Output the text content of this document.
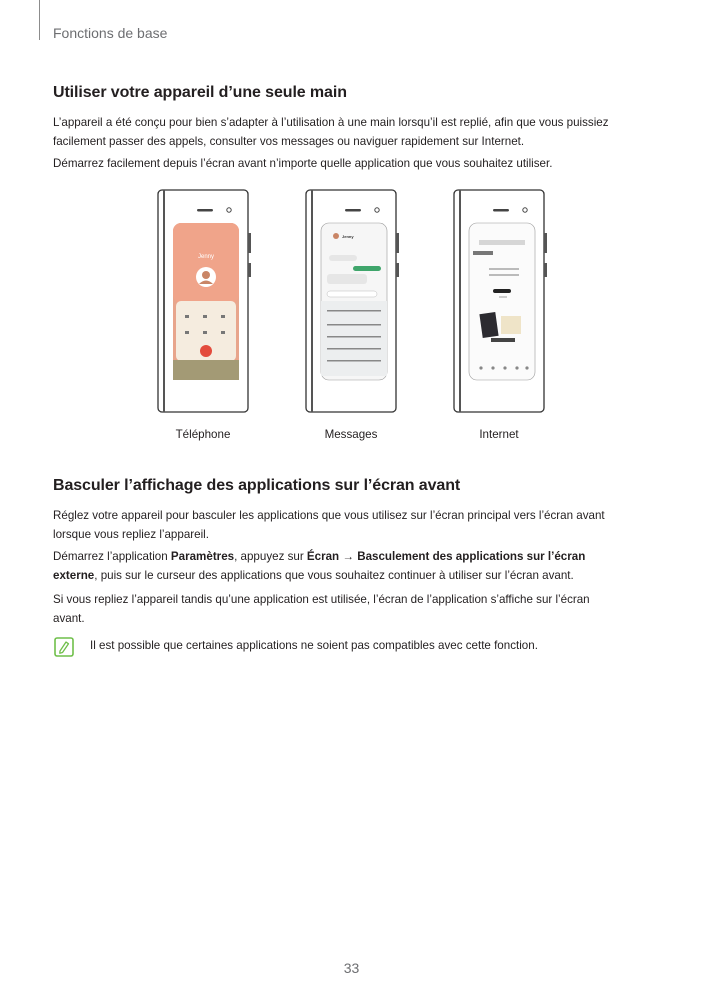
Fonctions de base
Utiliser votre appareil d’une seule main

L’appareil a été conçu pour bien s’adapter à l’utilisation à une main lorsqu’il est replié, afin que vous puissiez
facilement passer des appels, consulter vos messages ou naviguer rapidement sur Internet.

Démarrez facilement depuis l’écran avant n’importe quelle application que vous souhaitez utiliser.

Jenny
Jenny
Téléphone	Messages	Internet
Basculer l’affichage des applications sur l’écran avant

Réglez votre appareil pour basculer les applications que vous utilisez sur l’écran principal vers l’écran avant
lorsque vous repliez l’appareil.

Démarrez l’application Paramètres, appuyez sur Écran → Basculement des applications sur l’écran
externe, puis sur le curseur des applications que vous souhaitez continuer à utiliser sur l’écran avant.

Si vous repliez l’appareil tandis qu’une application est utilisée, l’écran de l’application s’affiche sur l’écran
avant.

Il est possible que certaines applications ne soient pas compatibles avec cette fonction.
33
